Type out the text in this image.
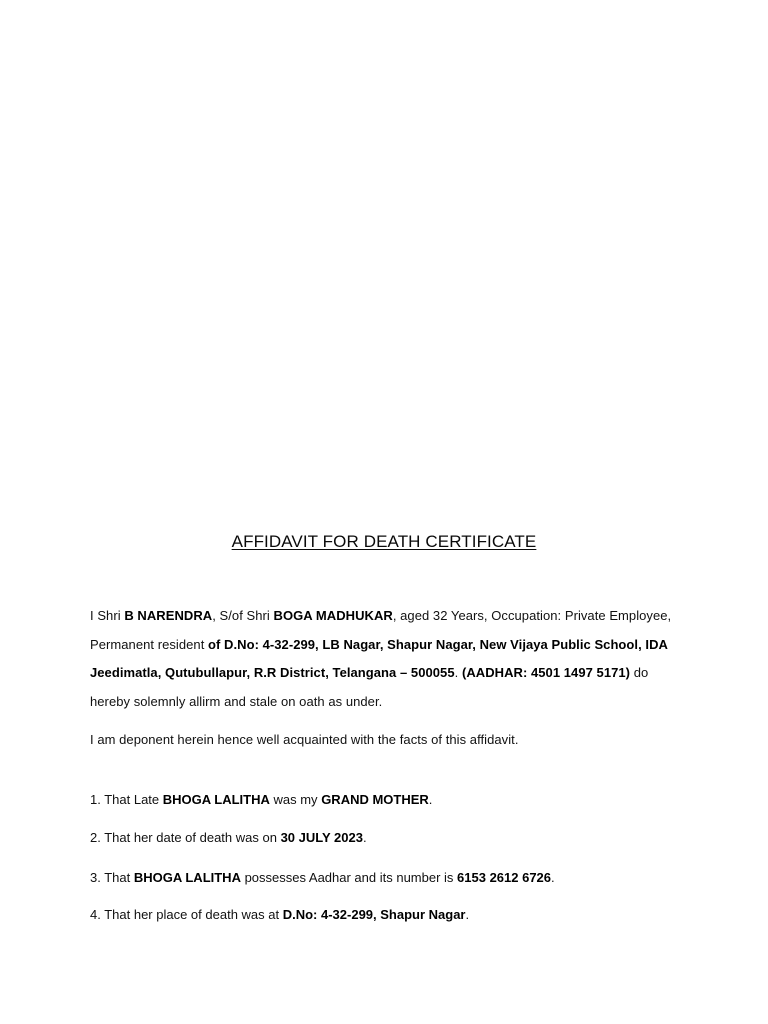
AFFIDAVIT FOR DEATH CERTIFICATE
I Shri B NARENDRA, S/of Shri BOGA MADHUKAR, aged 32 Years, Occupation: Private Employee, Permanent resident of D.No: 4-32-299, LB Nagar, Shapur Nagar, New Vijaya Public School, IDA Jeedimatla, Qutubullapur, R.R District, Telangana – 500055. (AADHAR: 4501 1497 5171) do hereby solemnly allirm and stale on oath as under.
I am deponent herein hence well acquainted with the facts of this affidavit.
1. That Late BHOGA LALITHA was my GRAND MOTHER.
2. That her date of death was on 30 JULY 2023.
3. That BHOGA LALITHA possesses Aadhar and its number is 6153 2612 6726.
4. That her place of death was at D.No: 4-32-299, Shapur Nagar.
